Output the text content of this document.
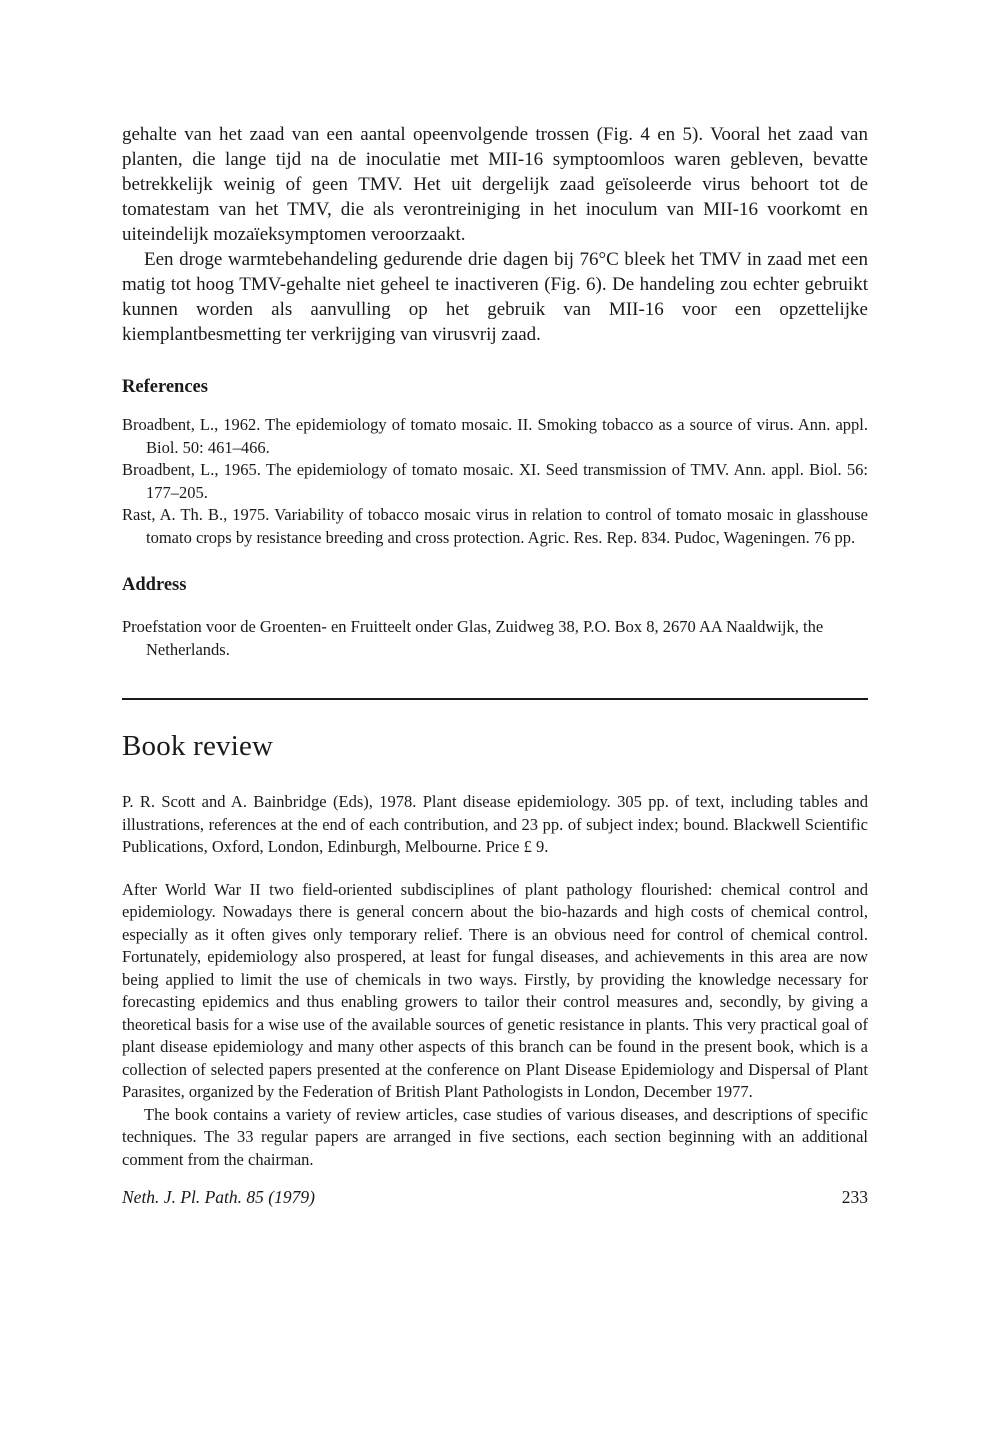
gehalte van het zaad van een aantal opeenvolgende trossen (Fig. 4 en 5). Vooral het zaad van planten, die lange tijd na de inoculatie met MII-16 symptoomloos waren gebleven, bevatte betrekkelijk weinig of geen TMV. Het uit dergelijk zaad geïsoleerde virus behoort tot de tomatestam van het TMV, die als verontreiniging in het inoculum van MII-16 voorkomt en uiteindelijk mozaïeksymptomen veroorzaakt.

Een droge warmtebehandeling gedurende drie dagen bij 76°C bleek het TMV in zaad met een matig tot hoog TMV-gehalte niet geheel te inactiveren (Fig. 6). De handeling zou echter gebruikt kunnen worden als aanvulling op het gebruik van MII-16 voor een opzettelijke kiemplantbesmetting ter verkrijging van virusvrij zaad.

References
Broadbent, L., 1962. The epidemiology of tomato mosaic. II. Smoking tobacco as a source of virus. Ann. appl. Biol. 50: 461–466.
Broadbent, L., 1965. The epidemiology of tomato mosaic. XI. Seed transmission of TMV. Ann. appl. Biol. 56: 177–205.
Rast, A. Th. B., 1975. Variability of tobacco mosaic virus in relation to control of tomato mosaic in glasshouse tomato crops by resistance breeding and cross protection. Agric. Res. Rep. 834. Pudoc, Wageningen. 76 pp.
Address

Proefstation voor de Groenten- en Fruitteelt onder Glas, Zuidweg 38, P.O. Box 8, 2670 AA Naaldwijk, the Netherlands.

Book review

P. R. Scott and A. Bainbridge (Eds), 1978. Plant disease epidemiology. 305 pp. of text, including tables and illustrations, references at the end of each contribution, and 23 pp. of subject index; bound. Blackwell Scientific Publications, Oxford, London, Edinburgh, Melbourne. Price £ 9.

After World War II two field-oriented subdisciplines of plant pathology flourished: chemical control and epidemiology. Nowadays there is general concern about the bio-hazards and high costs of chemical control, especially as it often gives only temporary relief. There is an obvious need for control of chemical control. Fortunately, epidemiology also prospered, at least for fungal diseases, and achievements in this area are now being applied to limit the use of chemicals in two ways. Firstly, by providing the knowledge necessary for forecasting epidemics and thus enabling growers to tailor their control measures and, secondly, by giving a theoretical basis for a wise use of the available sources of genetic resistance in plants. This very practical goal of plant disease epidemiology and many other aspects of this branch can be found in the present book, which is a collection of selected papers presented at the conference on Plant Disease Epidemiology and Dispersal of Plant Parasites, organized by the Federation of British Plant Pathologists in London, December 1977.

The book contains a variety of review articles, case studies of various diseases, and descriptions of specific techniques. The 33 regular papers are arranged in five sections, each section beginning with an additional comment from the chairman.

Neth. J. Pl. Path. 85 (1979)	233
